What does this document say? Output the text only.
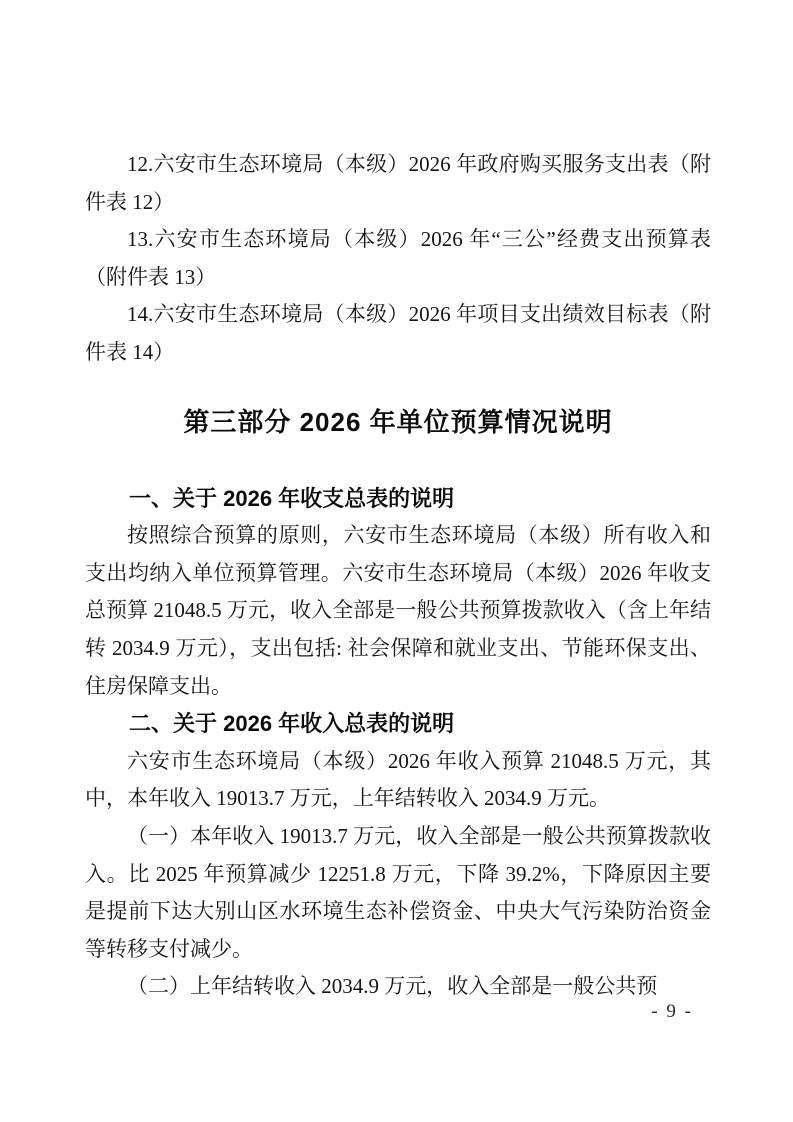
12.六安市生态环境局（本级）2026 年政府购买服务支出表（附件表 12）

13.六安市生态环境局（本级）2026 年“三公”经费支出预算表（附件表 13）

14.六安市生态环境局（本级）2026 年项目支出绩效目标表（附件表 14）

第三部分 2026 年单位预算情况说明

一、关于 2026 年收支总表的说明

按照综合预算的原则，六安市生态环境局（本级）所有收入和支出均纳入单位预算管理。六安市生态环境局（本级）2026 年收支总预算 21048.5 万元，收入全部是一般公共预算拨款收入（含上年结转 2034.9 万元），支出包括: 社会保障和就业支出、节能环保支出、住房保障支出。

二、关于 2026 年收入总表的说明

六安市生态环境局（本级）2026 年收入预算 21048.5 万元，其中，本年收入 19013.7 万元，上年结转收入 2034.9 万元。

（一）本年收入 19013.7 万元，收入全部是一般公共预算拨款收入。比 2025 年预算减少 12251.8 万元，下降 39.2%，下降原因主要是提前下达大别山区水环境生态补偿资金、中央大气污染防治资金等转移支付减少。

（二）上年结转收入 2034.9 万元，收入全部是一般公共预

- 9 -
